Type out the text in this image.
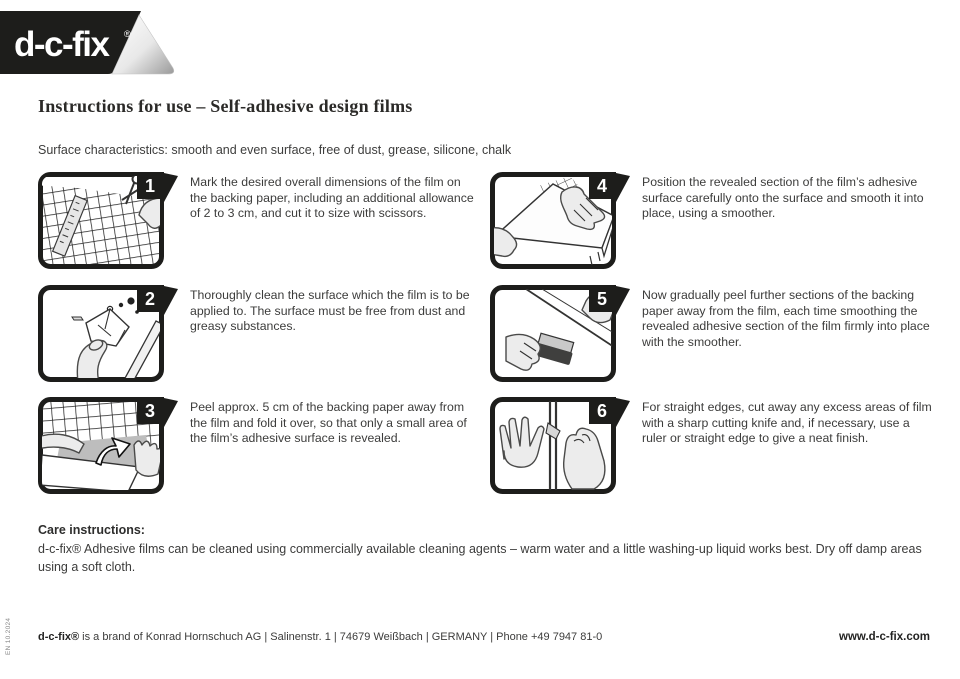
d-c-fix ®
Instructions for use – Self-adhesive design films
Surface characteristics: smooth and even surface, free of dust, grease, silicone, chalk
1	Mark the desired overall dimensions of the film on the backing paper, including an additional allowance of 2 to 3 cm, and cut it to size with scissors.
2	Thoroughly clean the surface which the film is to be applied to. The surface must be free from dust and greasy substances.
3	Peel approx. 5 cm of the backing paper away from the film and fold it over, so that only a small area of the film’s adhesive surface is revealed.
4	Position the revealed section of the film’s adhesive surface carefully onto the surface and smooth it into place, using a smoother.
5	Now gradually peel further sections of the backing paper away from the film, each time smoothing the revealed adhesive section of the film firmly into place with the smoother.
6	For straight edges, cut away any excess areas of film with a sharp cutting knife and, if necessary, use a ruler or straight edge to give a neat finish.
Care instructions:
d-c-fix® Adhesive films can be cleaned using commercially available cleaning agents – warm water and a little washing-up liquid works best. Dry off damp areas using a soft cloth.
d-c-fix® is a brand of Konrad Hornschuch AG | Salinenstr. 1 | 74679 Weißbach | GERMANY | Phone +49 7947 81-0	www.d-c-fix.com
EN 10.2024
